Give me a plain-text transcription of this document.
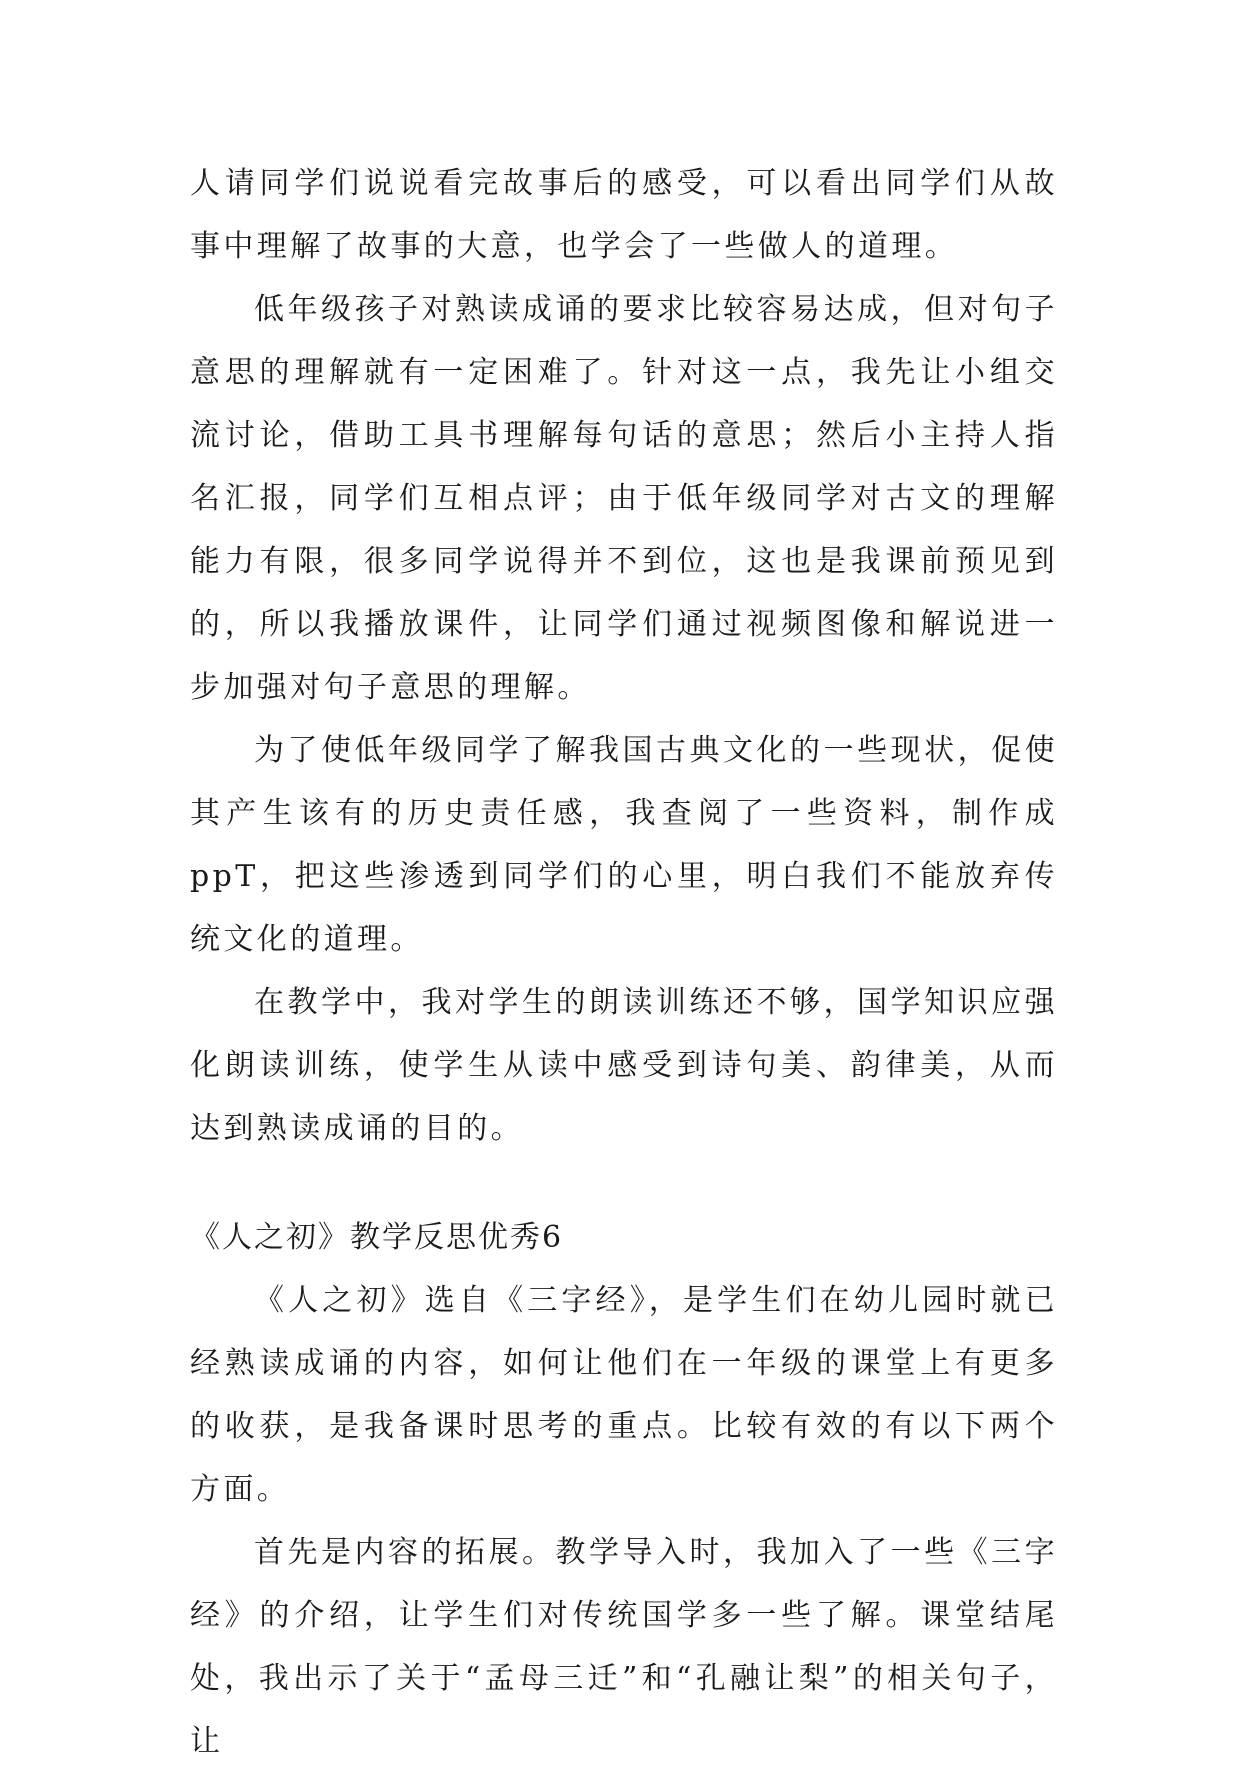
人请同学们说说看完故事后的感受，可以看出同学们从故事中理解了故事的大意，也学会了一些做人的道理。

低年级孩子对熟读成诵的要求比较容易达成，但对句子意思的理解就有一定困难了。针对这一点，我先让小组交流讨论，借助工具书理解每句话的意思；然后小主持人指名汇报，同学们互相点评；由于低年级同学对古文的理解能力有限，很多同学说得并不到位，这也是我课前预见到的，所以我播放课件，让同学们通过视频图像和解说进一步加强对句子意思的理解。

为了使低年级同学了解我国古典文化的一些现状，促使其产生该有的历史责任感，我查阅了一些资料，制作成ppT，把这些渗透到同学们的心里，明白我们不能放弃传统文化的道理。

在教学中，我对学生的朗读训练还不够，国学知识应强化朗读训练，使学生从读中感受到诗句美、韵律美，从而达到熟读成诵的目的。

《人之初》教学反思优秀6

《人之初》选自《三字经》，是学生们在幼儿园时就已经熟读成诵的内容，如何让他们在一年级的课堂上有更多的收获，是我备课时思考的重点。比较有效的有以下两个方面。

首先是内容的拓展。教学导入时，我加入了一些《三字经》的介绍，让学生们对传统国学多一些了解。课堂结尾处，我出示了关于“孟母三迁”和“孔融让梨”的相关句子，让
